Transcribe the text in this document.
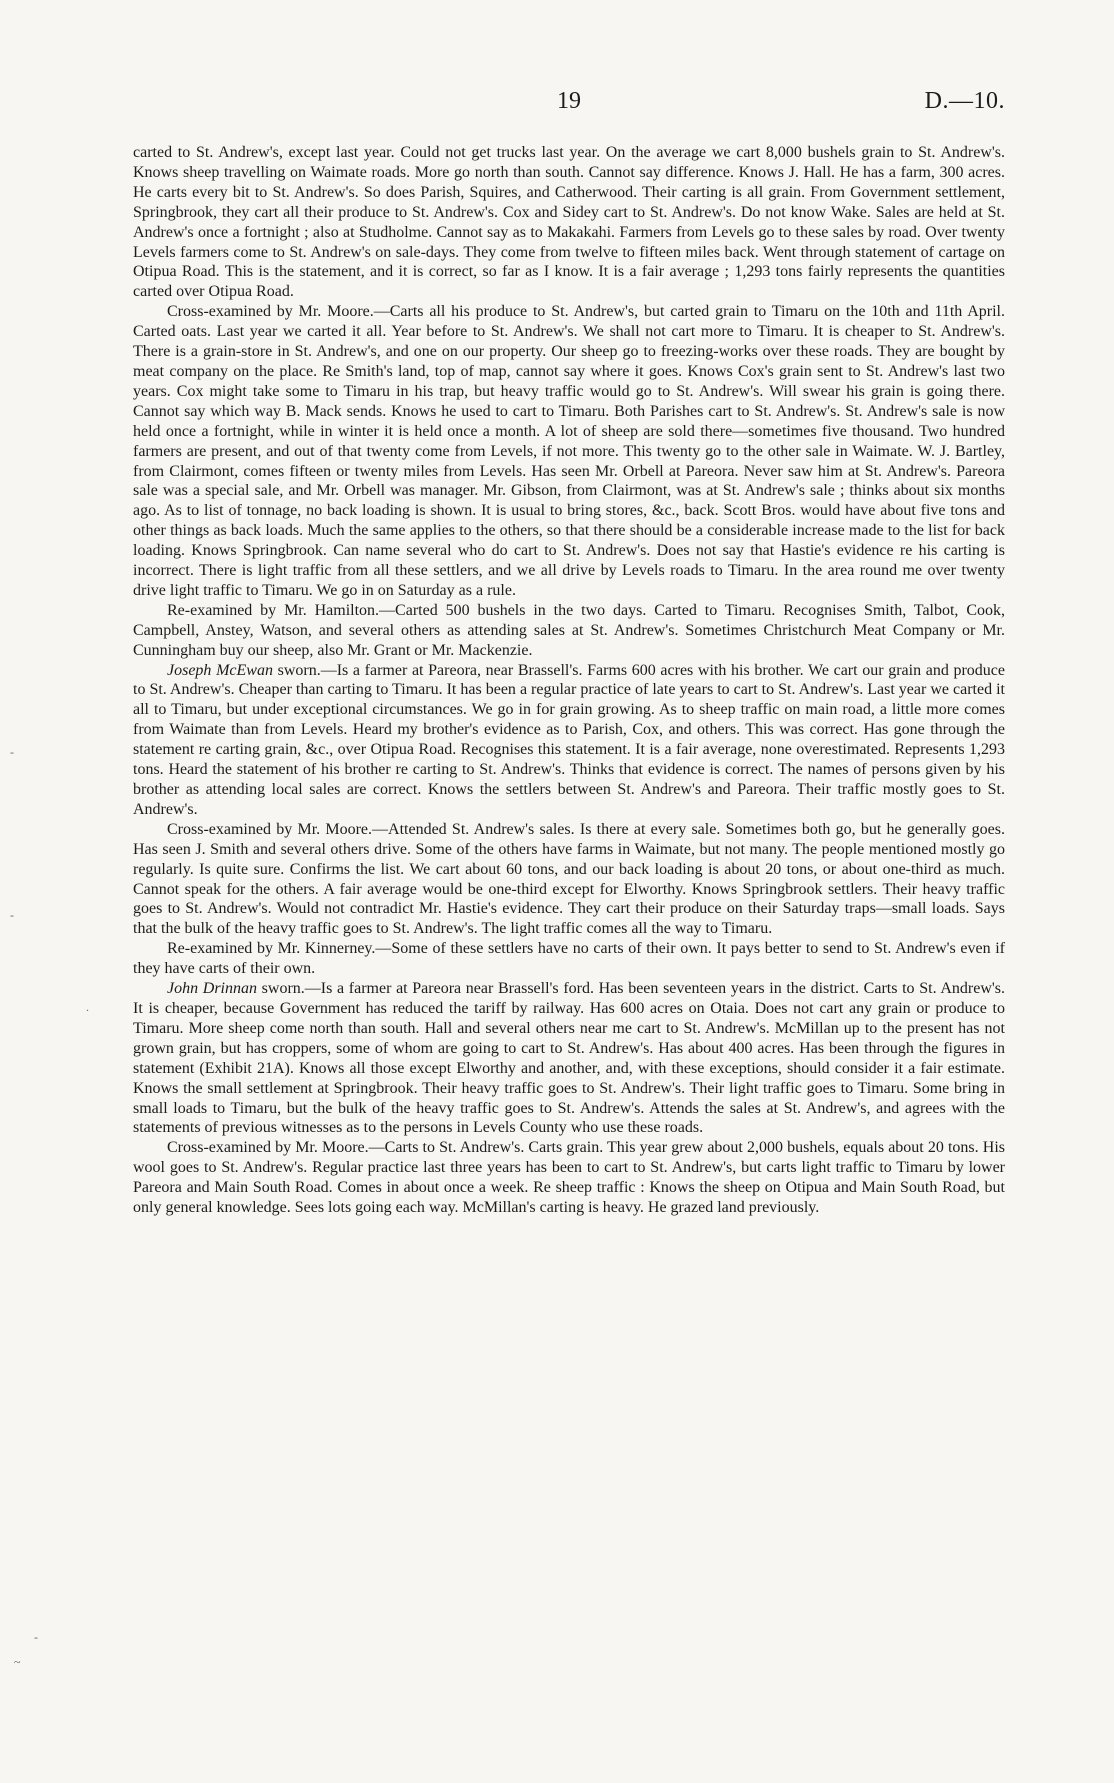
19	D.—10.

carted to St. Andrew's, except last year. Could not get trucks last year. On the average we cart 8,000 bushels grain to St. Andrew's. Knows sheep travelling on Waimate roads. More go north than south. Cannot say difference. Knows J. Hall. He has a farm, 300 acres. He carts every bit to St. Andrew's. So does Parish, Squires, and Catherwood. Their carting is all grain. From Government settlement, Springbrook, they cart all their produce to St. Andrew's. Cox and Sidey cart to St. Andrew's. Do not know Wake. Sales are held at St. Andrew's once a fortnight ; also at Studholme. Cannot say as to Makakahi. Farmers from Levels go to these sales by road. Over twenty Levels farmers come to St. Andrew's on sale-days. They come from twelve to fifteen miles back. Went through statement of cartage on Otipua Road. This is the statement, and it is correct, so far as I know. It is a fair average ; 1,293 tons fairly represents the quantities carted over Otipua Road.

Cross-examined by Mr. Moore.—Carts all his produce to St. Andrew's, but carted grain to Timaru on the 10th and 11th April. Carted oats. Last year we carted it all. Year before to St. Andrew's. We shall not cart more to Timaru. It is cheaper to St. Andrew's. There is a grain-store in St. Andrew's, and one on our property. Our sheep go to freezing-works over these roads. They are bought by meat company on the place. Re Smith's land, top of map, cannot say where it goes. Knows Cox's grain sent to St. Andrew's last two years. Cox might take some to Timaru in his trap, but heavy traffic would go to St. Andrew's. Will swear his grain is going there. Cannot say which way B. Mack sends. Knows he used to cart to Timaru. Both Parishes cart to St. Andrew's. St. Andrew's sale is now held once a fortnight, while in winter it is held once a month. A lot of sheep are sold there—sometimes five thousand. Two hundred farmers are present, and out of that twenty come from Levels, if not more. This twenty go to the other sale in Waimate. W. J. Bartley, from Clairmont, comes fifteen or twenty miles from Levels. Has seen Mr. Orbell at Pareora. Never saw him at St. Andrew's. Pareora sale was a special sale, and Mr. Orbell was manager. Mr. Gibson, from Clairmont, was at St. Andrew's sale ; thinks about six months ago. As to list of tonnage, no back loading is shown. It is usual to bring stores, &c., back. Scott Bros. would have about five tons and other things as back loads. Much the same applies to the others, so that there should be a considerable increase made to the list for back loading. Knows Springbrook. Can name several who do cart to St. Andrew's. Does not say that Hastie's evidence re his carting is incorrect. There is light traffic from all these settlers, and we all drive by Levels roads to Timaru. In the area round me over twenty drive light traffic to Timaru. We go in on Saturday as a rule.

Re-examined by Mr. Hamilton.—Carted 500 bushels in the two days. Carted to Timaru. Recognises Smith, Talbot, Cook, Campbell, Anstey, Watson, and several others as attending sales at St. Andrew's. Sometimes Christchurch Meat Company or Mr. Cunningham buy our sheep, also Mr. Grant or Mr. Mackenzie.

Joseph McEwan sworn.—Is a farmer at Pareora, near Brassell's. Farms 600 acres with his brother. We cart our grain and produce to St. Andrew's. Cheaper than carting to Timaru. It has been a regular practice of late years to cart to St. Andrew's. Last year we carted it all to Timaru, but under exceptional circumstances. We go in for grain growing. As to sheep traffic on main road, a little more comes from Waimate than from Levels. Heard my brother's evidence as to Parish, Cox, and others. This was correct. Has gone through the statement re carting grain, &c., over Otipua Road. Recognises this statement. It is a fair average, none overestimated. Represents 1,293 tons. Heard the statement of his brother re carting to St. Andrew's. Thinks that evidence is correct. The names of persons given by his brother as attending local sales are correct. Knows the settlers between St. Andrew's and Pareora. Their traffic mostly goes to St. Andrew's.

Cross-examined by Mr. Moore.—Attended St. Andrew's sales. Is there at every sale. Sometimes both go, but he generally goes. Has seen J. Smith and several others drive. Some of the others have farms in Waimate, but not many. The people mentioned mostly go regularly. Is quite sure. Confirms the list. We cart about 60 tons, and our back loading is about 20 tons, or about one-third as much. Cannot speak for the others. A fair average would be one-third except for Elworthy. Knows Springbrook settlers. Their heavy traffic goes to St. Andrew's. Would not contradict Mr. Hastie's evidence. They cart their produce on their Saturday traps—small loads. Says that the bulk of the heavy traffic goes to St. Andrew's. The light traffic comes all the way to Timaru.

Re-examined by Mr. Kinnerney.—Some of these settlers have no carts of their own. It pays better to send to St. Andrew's even if they have carts of their own.

John Drinnan sworn.—Is a farmer at Pareora near Brassell's ford. Has been seventeen years in the district. Carts to St. Andrew's. It is cheaper, because Government has reduced the tariff by railway. Has 600 acres on Otaia. Does not cart any grain or produce to Timaru. More sheep come north than south. Hall and several others near me cart to St. Andrew's. McMillan up to the present has not grown grain, but has croppers, some of whom are going to cart to St. Andrew's. Has about 400 acres. Has been through the figures in statement (Exhibit 21A). Knows all those except Elworthy and another, and, with these exceptions, should consider it a fair estimate. Knows the small settlement at Springbrook. Their heavy traffic goes to St. Andrew's. Their light traffic goes to Timaru. Some bring in small loads to Timaru, but the bulk of the heavy traffic goes to St. Andrew's. Attends the sales at St. Andrew's, and agrees with the statements of previous witnesses as to the persons in Levels County who use these roads.

Cross-examined by Mr. Moore.—Carts to St. Andrew's. Carts grain. This year grew about 2,000 bushels, equals about 20 tons. His wool goes to St. Andrew's. Regular practice last three years has been to cart to St. Andrew's, but carts light traffic to Timaru by lower Pareora and Main South Road. Comes in about once a week. Re sheep traffic : Knows the sheep on Otipua and Main South Road, but only general knowledge. Sees lots going each way. McMillan's carting is heavy. He grazed land previously.

-
-
.
-
~
